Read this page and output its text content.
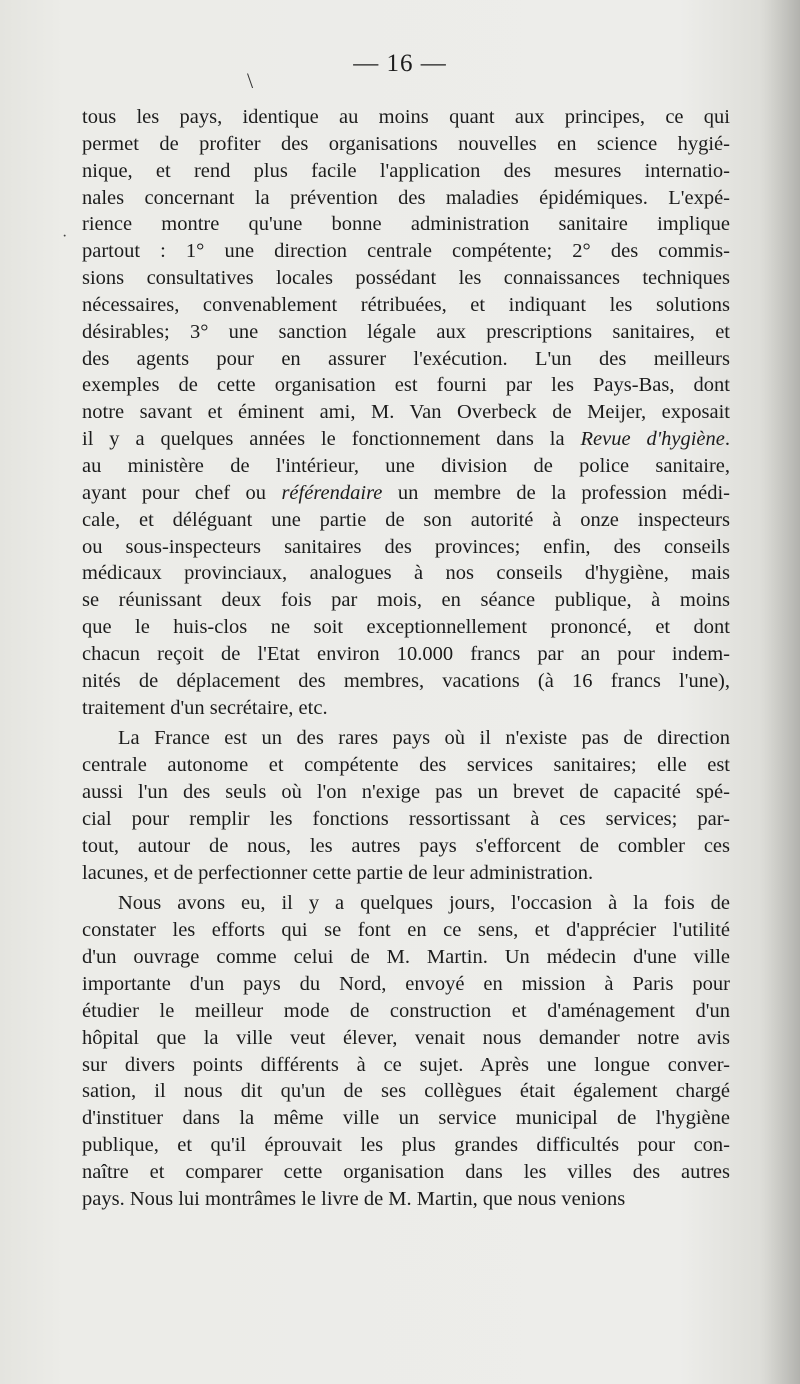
— 16 —
\
·
tous les pays, identique au moins quant aux principes, ce qui
permet de profiter des organisations nouvelles en science hygié-
nique, et rend plus facile l'application des mesures internatio-
nales concernant la prévention des maladies épidémiques. L'expé-
rience montre qu'une bonne administration sanitaire implique
partout : 1° une direction centrale compétente; 2° des commis-
sions consultatives locales possédant les connaissances techniques
nécessaires, convenablement rétribuées, et indiquant les solutions
désirables; 3° une sanction légale aux prescriptions sanitaires, et
des agents pour en assurer l'exécution. L'un des meilleurs
exemples de cette organisation est fourni par les Pays-Bas, dont
notre savant et éminent ami, M. Van Overbeck de Meijer, exposait
il y a quelques années le fonctionnement dans la Revue d'hygiène.
au ministère de l'intérieur, une division de police sanitaire,
ayant pour chef ou référendaire un membre de la profession médi-
cale, et déléguant une partie de son autorité à onze inspecteurs
ou sous-inspecteurs sanitaires des provinces; enfin, des conseils
médicaux provinciaux, analogues à nos conseils d'hygiène, mais
se réunissant deux fois par mois, en séance publique, à moins
que le huis-clos ne soit exceptionnellement prononcé, et dont
chacun reçoit de l'Etat environ 10.000 francs par an pour indem-
nités de déplacement des membres, vacations (à 16 francs l'une),
traitement d'un secrétaire, etc.
La France est un des rares pays où il n'existe pas de direction
centrale autonome et compétente des services sanitaires; elle est
aussi l'un des seuls où l'on n'exige pas un brevet de capacité spé-
cial pour remplir les fonctions ressortissant à ces services; par-
tout, autour de nous, les autres pays s'efforcent de combler ces
lacunes, et de perfectionner cette partie de leur administration.
Nous avons eu, il y a quelques jours, l'occasion à la fois de
constater les efforts qui se font en ce sens, et d'apprécier l'utilité
d'un ouvrage comme celui de M. Martin. Un médecin d'une ville
importante d'un pays du Nord, envoyé en mission à Paris pour
étudier le meilleur mode de construction et d'aménagement d'un
hôpital que la ville veut élever, venait nous demander notre avis
sur divers points différents à ce sujet. Après une longue conver-
sation, il nous dit qu'un de ses collègues était également chargé
d'instituer dans la même ville un service municipal de l'hygiène
publique, et qu'il éprouvait les plus grandes difficultés pour con-
naître et comparer cette organisation dans les villes des autres
pays. Nous lui montrâmes le livre de M. Martin, que nous venions
